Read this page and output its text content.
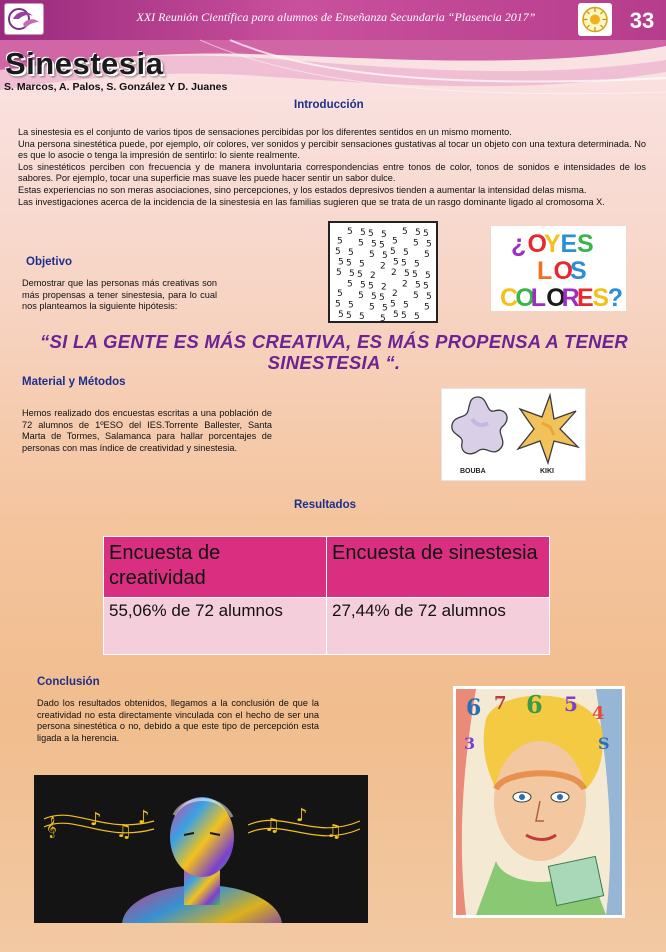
XXI Reunión Científica para alumnos de Enseñanza Secundaria “Plasencia 2017”	33
Sinestesia
S. Marcos, A. Palos, S. González Y D. Juanes
Introducción

La sinestesia es el conjunto de varios tipos de sensaciones percibidas por los diferentes sentidos en un mismo momento.

Una persona sinestética puede, por ejemplo, oír colores, ver sonidos y percibir sensaciones gustativas al tocar un objeto con una textura determinada. No es que lo asocie o tenga la impresión de sentirlo: lo siente realmente.

Los sinestéticos perciben con frecuencia y de manera involuntaria correspondencias entre tonos de color, tonos de sonidos e intensidades de los sabores. Por ejemplo, tocar una superficie mas suave les puede hacer sentir un sabor dulce.

Estas experiencias no son meras asociaciones, sino percepciones, y los estados depresivos tienden a aumentar la intensidad delas misma.

Las investigaciones acerca de la incidencia de la sinestesia en las familias sugieren que se trata de un rasgo dominante ligado al cromosoma X.

Objetivo
Demostrar que las personas más creativas son más propensas a tener sinestesia, para lo cual nos planteamos la siguiente hipótesis:
5 5 5 5 5 5 5
5 5 5 5 5 5 5
5 5 5 5 5 5 5
5 5 5 2 5 5 5
5 5 5 2 2 5 5 5
5 5 5 2 2 5 5
5 5 5 5 2 5 5
5 5 5 5 5 5 5
5 5 5 5 5 5 5
¿ O
Y E S
L O
S
C
O
L O
R
E
S
?
“SI LA GENTE ES MÁS CREATIVA, ES MÁS PROPENSA A TENER SINESTESIA “.
Material y Métodos
Hemos realizado dos encuestas escritas a una población de 72 alumnos de 1ºESO del IES.Torrente Ballester, Santa Marta de Tormes, Salamanca para hallar porcentajes de personas con mas índice de creatividad y sinestesia.
BOUBA	KIKI
Resultados
Encuesta de creatividad	Encuesta de sinestesia
55,06% de 72 alumnos	27,44% de 72 alumnos
Conclusión
Dado los resultados obtenidos, llegamos a la conclusión de que la creatividad no esta directamente vinculada con el hecho de ser una persona sinestética o no, debido a que este tipo de percepción esta ligada a la herencia.
𝄞 ♪
♫
♪	♫ ♪
♫
6 7 6 5 4
S
3
